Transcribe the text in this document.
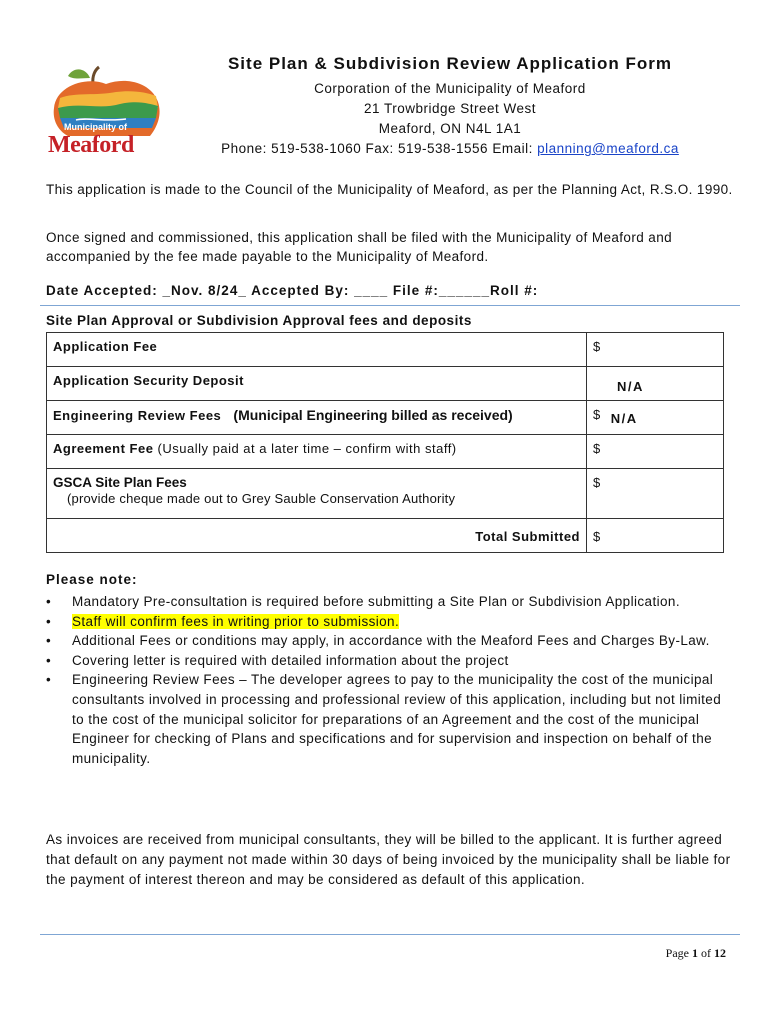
Municipality of
Meaford
Site Plan & Subdivision Review Application Form
Corporation of the Municipality of Meaford
21 Trowbridge Street West
Meaford, ON N4L 1A1
Phone: 519-538-1060 Fax: 519-538-1556 Email: planning@meaford.ca
This application is made to the Council of the Municipality of Meaford, as per the Planning Act, R.S.O. 1990.
Once signed and commissioned, this application shall be filed with the Municipality of Meaford and accompanied by the fee made payable to the Municipality of Meaford.
Date Accepted: _Nov. 8/24_ Accepted By: ____ File #:______Roll #:
Site Plan Approval or Subdivision Approval fees and deposits
Application Fee	$
Application Security Deposit	N/A
Engineering Review Fees (Municipal Engineering billed as received)	$ N/A
Agreement Fee (Usually paid at a later time – confirm with staff)	$
GSCA Site Plan Fees
(provide cheque made out to Grey Sauble Conservation Authority	$
Total Submitted	$
Please note:
• Mandatory Pre-consultation is required before submitting a Site Plan or Subdivision Application.
• Staff will confirm fees in writing prior to submission.
• Additional Fees or conditions may apply, in accordance with the Meaford Fees and Charges By-Law.
• Covering letter is required with detailed information about the project
• Engineering Review Fees – The developer agrees to pay to the municipality the cost of the municipal consultants involved in processing and professional review of this application, including but not limited to the cost of the municipal solicitor for preparations of an Agreement and the cost of the municipal Engineer for checking of Plans and specifications and for supervision and inspection on behalf of the municipality.
As invoices are received from municipal consultants, they will be billed to the applicant. It is further agreed that default on any payment not made within 30 days of being invoiced by the municipality shall be liable for the payment of interest thereon and may be considered as default of this application.
Page 1 of 12
